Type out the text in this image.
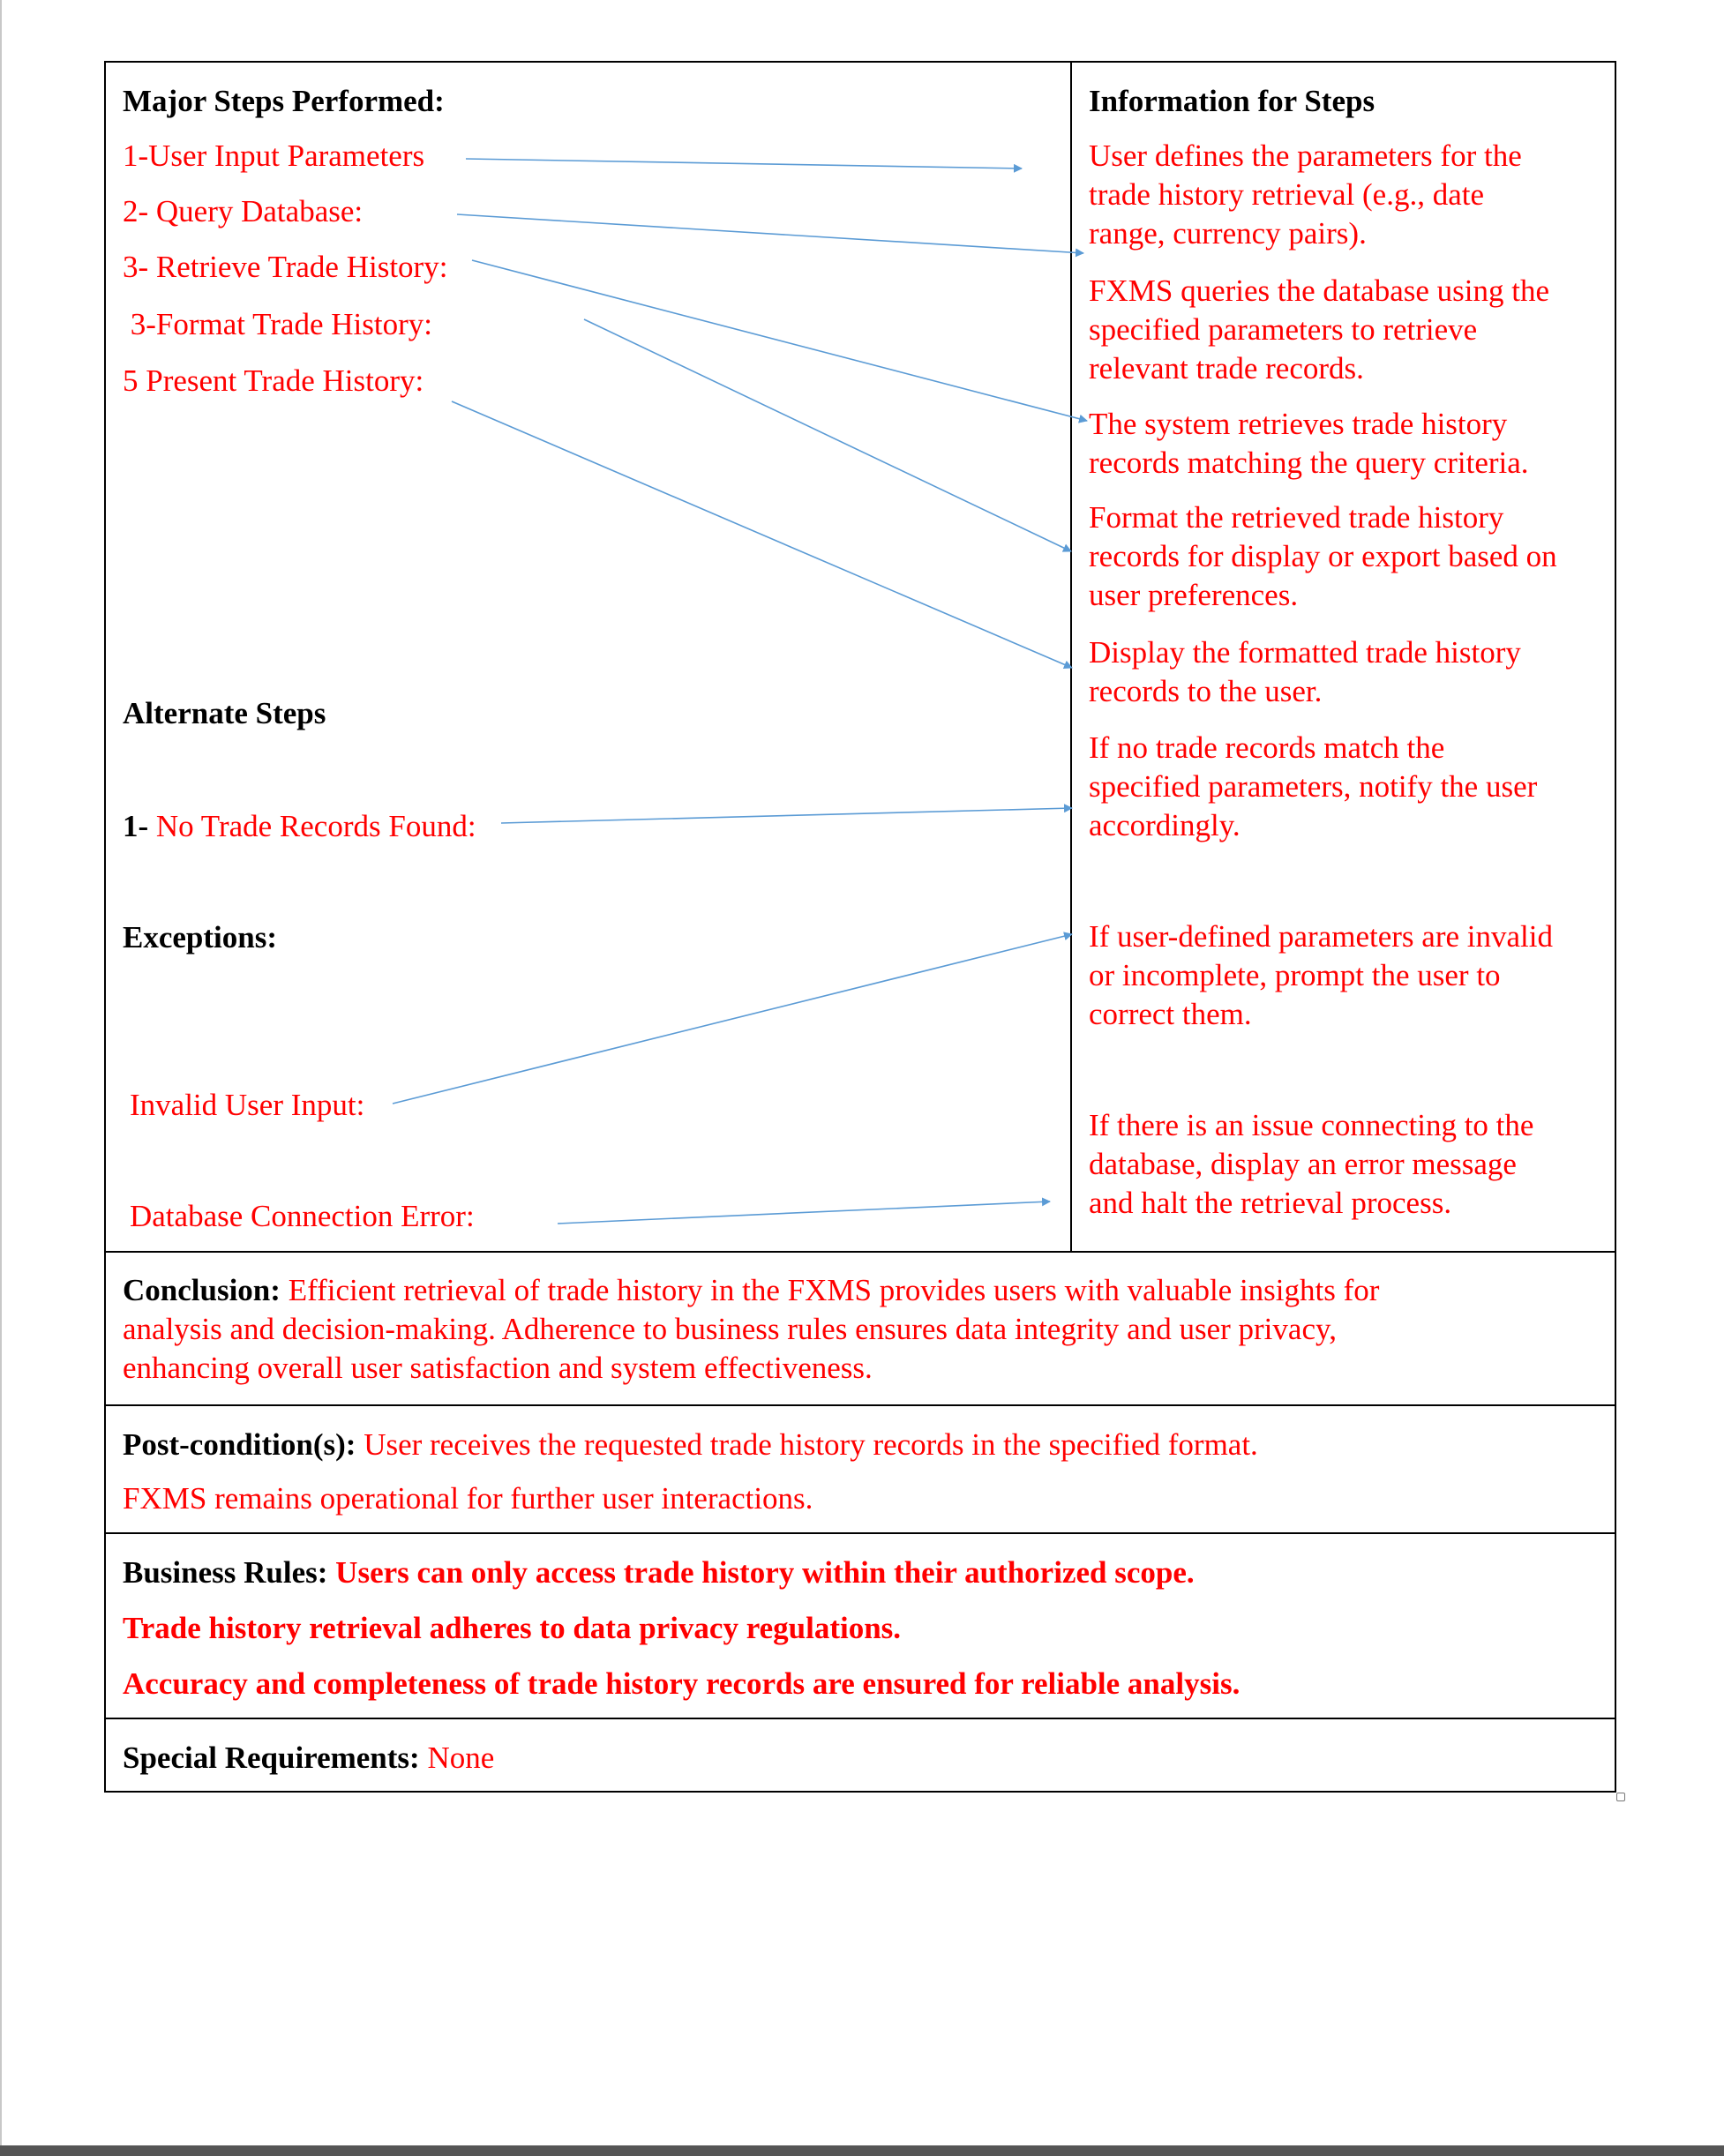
Major Steps Performed:
1-User Input Parameters
2- Query Database:
3- Retrieve Trade History:
3-Format Trade History:
5 Present Trade History:
Alternate Steps
1- No Trade Records Found:
Exceptions:
Invalid User Input:
Database Connection Error:
Information for Steps
User defines the parameters for the
trade history retrieval (e.g., date
range, currency pairs).
FXMS queries the database using the
specified parameters to retrieve
relevant trade records.
The system retrieves trade history
records matching the query criteria.
Format the retrieved trade history
records for display or export based on
user preferences.
Display the formatted trade history
records to the user.
If no trade records match the
specified parameters, notify the user
accordingly.
If user-defined parameters are invalid
or incomplete, prompt the user to
correct them.
If there is an issue connecting to the
database, display an error message
and halt the retrieval process.
Conclusion: Efficient retrieval of trade history in the FXMS provides users with valuable insights for
analysis and decision-making. Adherence to business rules ensures data integrity and user privacy,
enhancing overall user satisfaction and system effectiveness.
Post-condition(s): User receives the requested trade history records in the specified format.
FXMS remains operational for further user interactions.
Business Rules: Users can only access trade history within their authorized scope.
Trade history retrieval adheres to data privacy regulations.
Accuracy and completeness of trade history records are ensured for reliable analysis.
Special Requirements: None
